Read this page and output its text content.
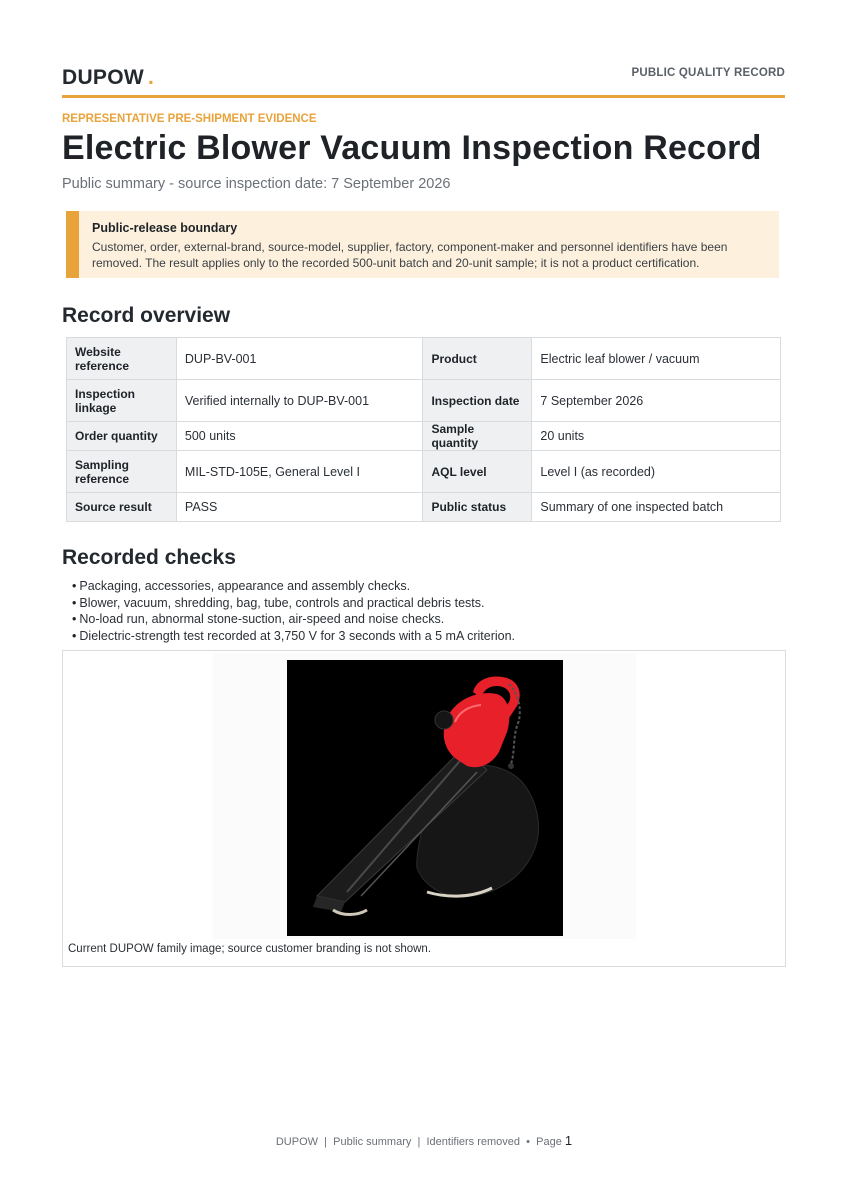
DUPOW .	PUBLIC QUALITY RECORD
REPRESENTATIVE PRE-SHIPMENT EVIDENCE
Electric Blower Vacuum Inspection Record
Public summary - source inspection date: 7 September 2026
Public-release boundary
Customer, order, external-brand, source-model, supplier, factory, component-maker and personnel identifiers have been removed. The result applies only to the recorded 500-unit batch and 20-unit sample; it is not a product certification.
Record overview
Website reference	DUP-BV-001	Product	Electric leaf blower / vacuum
Inspection linkage	Verified internally to DUP-BV-001	Inspection date	7 September 2026
Order quantity	500 units	Sample quantity	20 units
Sampling reference	MIL-STD-105E, General Level I	AQL level	Level I (as recorded)
Source result	PASS	Public status	Summary of one inspected batch
Recorded checks
• Packaging, accessories, appearance and assembly checks.
• Blower, vacuum, shredding, bag, tube, controls and practical debris tests.
• No-load run, abnormal stone-suction, air-speed and noise checks.
• Dielectric-strength test recorded at 3,750 V for 3 seconds with a 5 mA criterion.
Current DUPOW family image; source customer branding is not shown.
DUPOW | Public summary | Identifiers removed • Page 1
